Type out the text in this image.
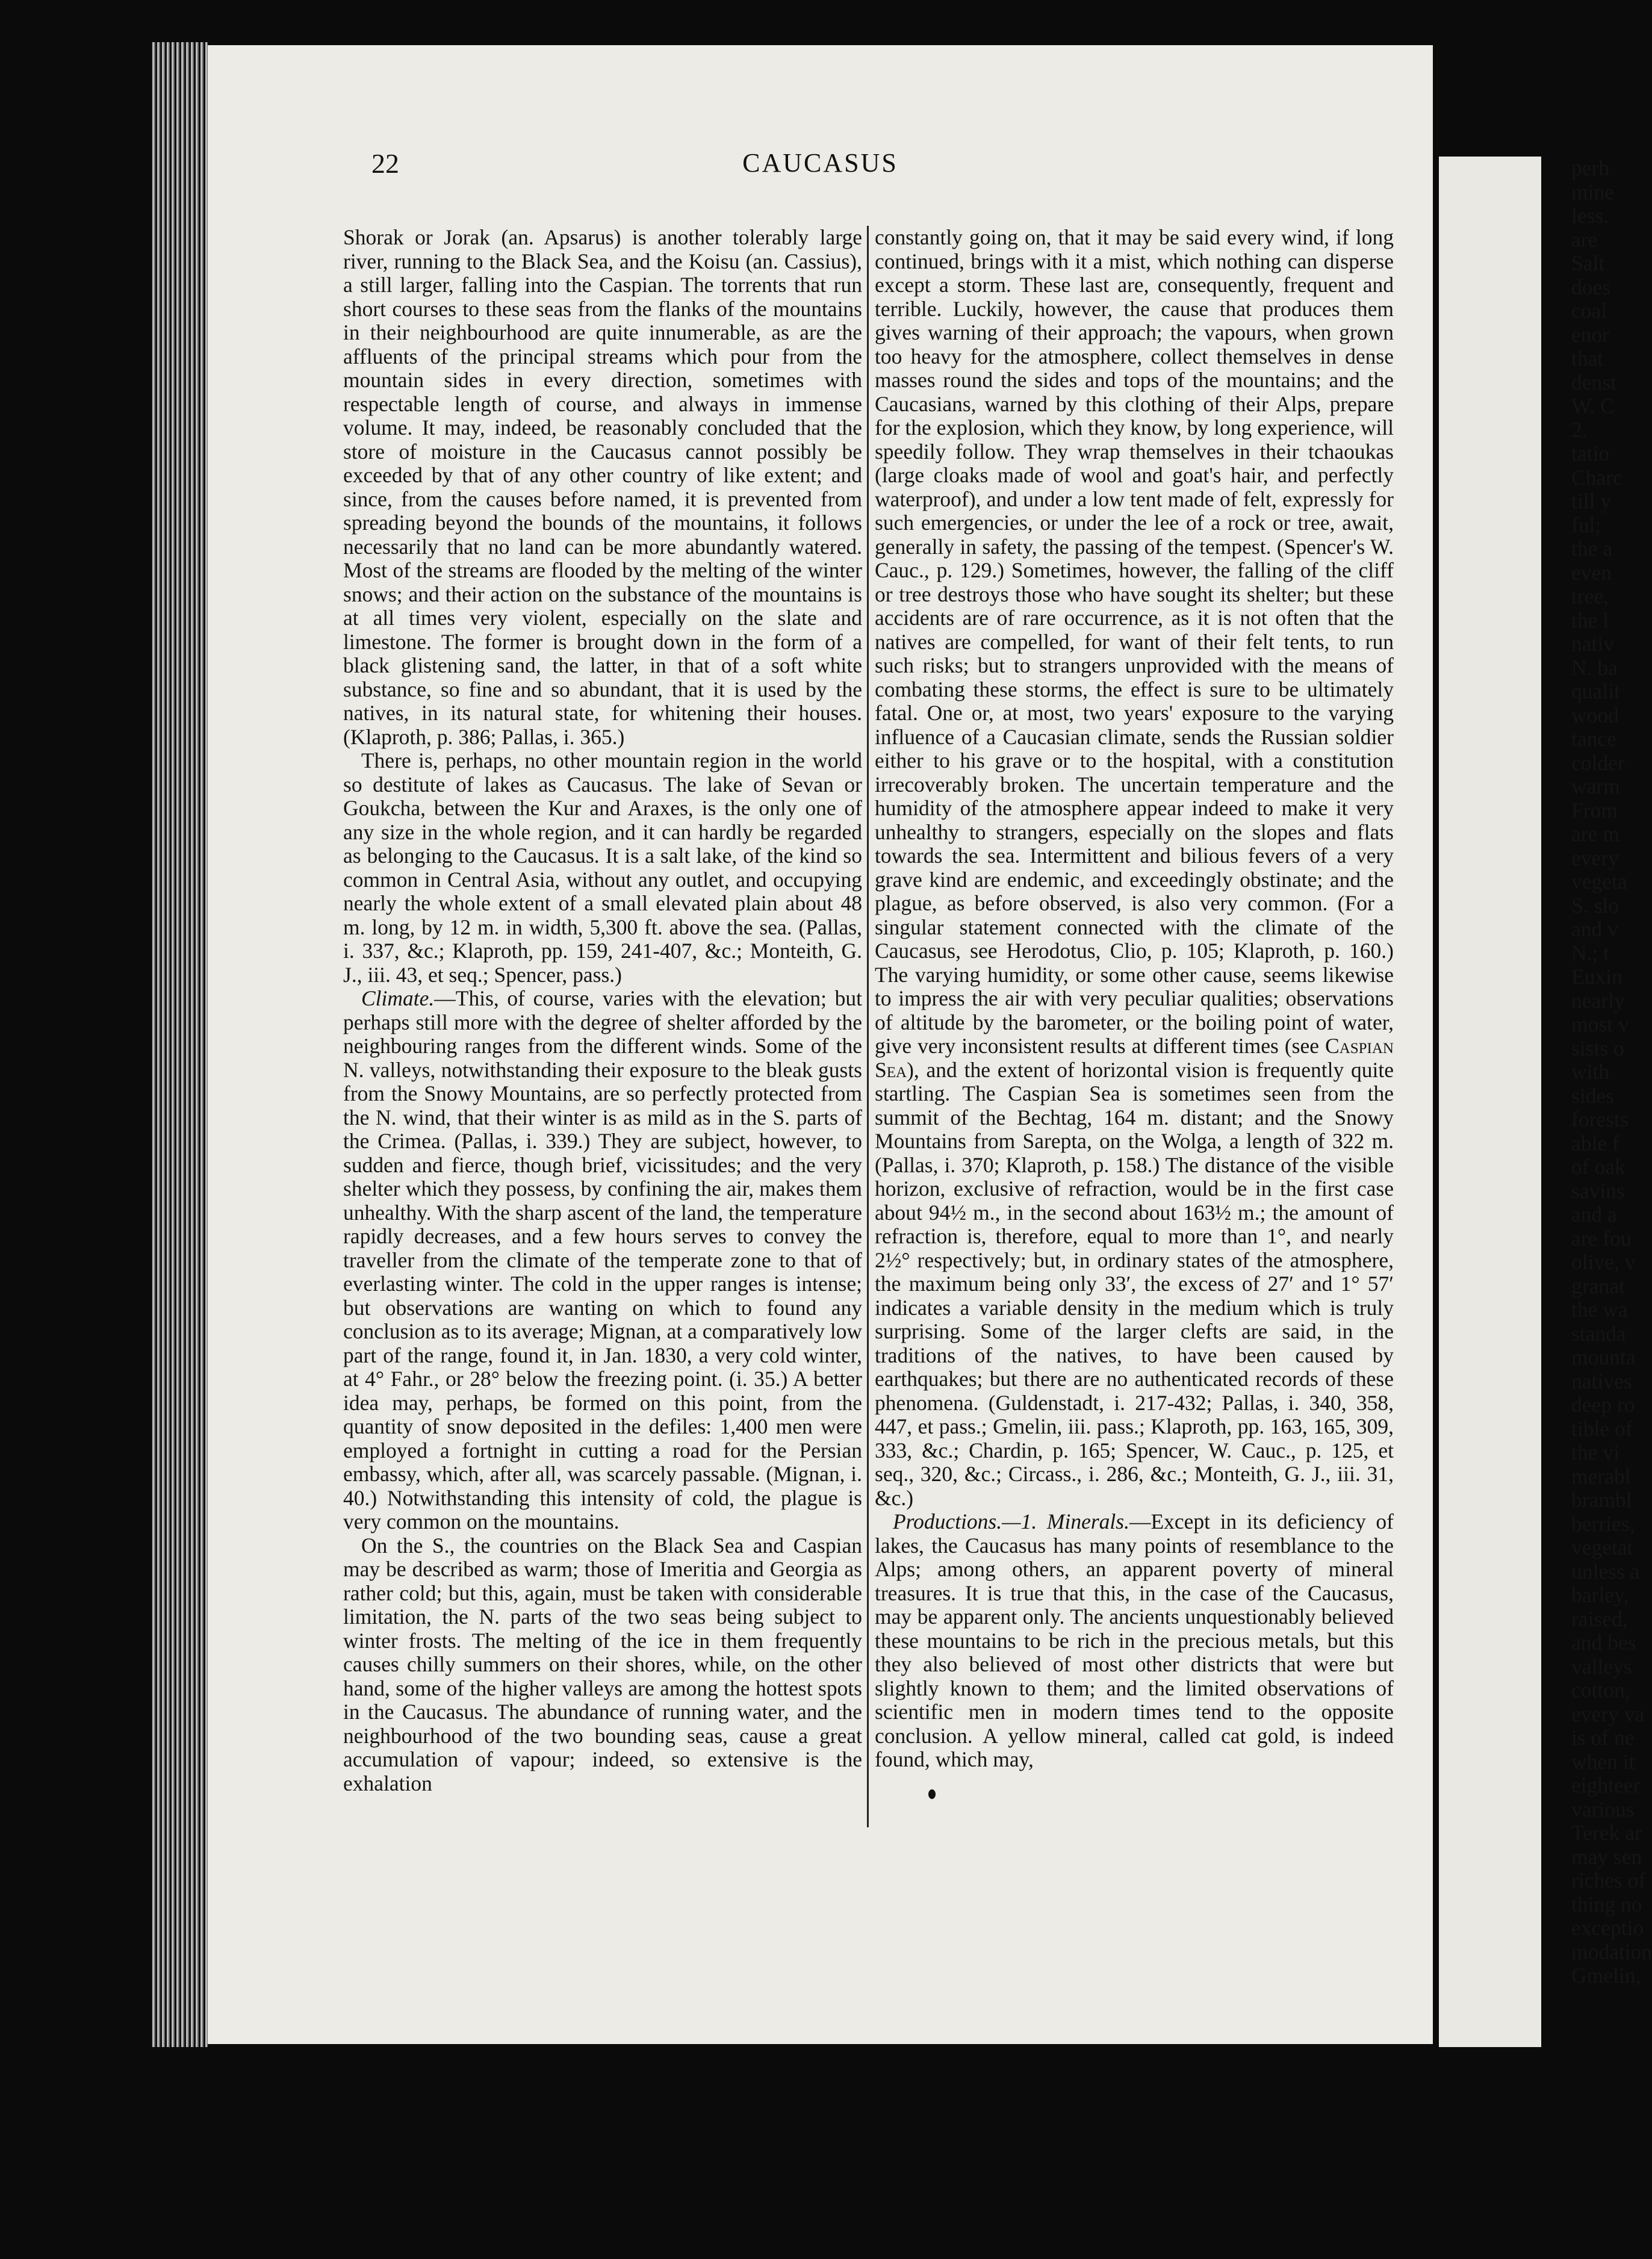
22	CAUCASUS

Shorak or Jorak (an. Apsarus) is another tolerably large river, running to the Black Sea, and the Koisu (an. Cassius), a still larger, falling into the Caspian. The torrents that run short courses to these seas from the flanks of the mountains in their neighbourhood are quite innumerable, as are the affluents of the principal streams which pour from the mountain sides in every direction, sometimes with respectable length of course, and always in immense volume. It may, indeed, be reasonably concluded that the store of moisture in the Caucasus cannot possibly be exceeded by that of any other country of like extent; and since, from the causes before named, it is prevented from spreading beyond the bounds of the mountains, it follows necessarily that no land can be more abundantly watered. Most of the streams are flooded by the melting of the winter snows; and their action on the substance of the mountains is at all times very violent, especially on the slate and limestone. The former is brought down in the form of a black glistening sand, the latter, in that of a soft white substance, so fine and so abundant, that it is used by the natives, in its natural state, for whitening their houses. (Klaproth, p. 386; Pallas, i. 365.)

There is, perhaps, no other mountain region in the world so destitute of lakes as Caucasus. The lake of Sevan or Goukcha, between the Kur and Araxes, is the only one of any size in the whole region, and it can hardly be regarded as belonging to the Caucasus. It is a salt lake, of the kind so common in Central Asia, without any outlet, and occupying nearly the whole extent of a small elevated plain about 48 m. long, by 12 m. in width, 5,300 ft. above the sea. (Pallas, i. 337, &c.; Klaproth, pp. 159, 241-407, &c.; Monteith, G. J., iii. 43, et seq.; Spencer, pass.)

Climate.—This, of course, varies with the elevation; but perhaps still more with the degree of shelter afforded by the neighbouring ranges from the different winds. Some of the N. valleys, notwithstanding their exposure to the bleak gusts from the Snowy Mountains, are so perfectly protected from the N. wind, that their winter is as mild as in the S. parts of the Crimea. (Pallas, i. 339.) They are subject, however, to sudden and fierce, though brief, vicissitudes; and the very shelter which they possess, by confining the air, makes them unhealthy. With the sharp ascent of the land, the temperature rapidly decreases, and a few hours serves to convey the traveller from the climate of the temperate zone to that of everlasting winter. The cold in the upper ranges is intense; but observations are wanting on which to found any conclusion as to its average; Mignan, at a comparatively low part of the range, found it, in Jan. 1830, a very cold winter, at 4° Fahr., or 28° below the freezing point. (i. 35.) A better idea may, perhaps, be formed on this point, from the quantity of snow deposited in the defiles: 1,400 men were employed a fortnight in cutting a road for the Persian embassy, which, after all, was scarcely passable. (Mignan, i. 40.) Notwithstanding this intensity of cold, the plague is very common on the mountains.

On the S., the countries on the Black Sea and Caspian may be described as warm; those of Imeritia and Georgia as rather cold; but this, again, must be taken with considerable limitation, the N. parts of the two seas being subject to winter frosts. The melting of the ice in them frequently causes chilly summers on their shores, while, on the other hand, some of the higher valleys are among the hottest spots in the Caucasus. The abundance of running water, and the neighbourhood of the two bounding seas, cause a great accumulation of vapour; indeed, so extensive is the exhalation

constantly going on, that it may be said every wind, if long continued, brings with it a mist, which nothing can disperse except a storm. These last are, consequently, frequent and terrible. Luckily, however, the cause that produces them gives warning of their approach; the vapours, when grown too heavy for the atmosphere, collect themselves in dense masses round the sides and tops of the mountains; and the Caucasians, warned by this clothing of their Alps, prepare for the explosion, which they know, by long experience, will speedily follow. They wrap themselves in their tchaoukas (large cloaks made of wool and goat's hair, and perfectly waterproof), and under a low tent made of felt, expressly for such emergencies, or under the lee of a rock or tree, await, generally in safety, the passing of the tempest. (Spencer's W. Cauc., p. 129.) Sometimes, however, the falling of the cliff or tree destroys those who have sought its shelter; but these accidents are of rare occurrence, as it is not often that the natives are compelled, for want of their felt tents, to run such risks; but to strangers unprovided with the means of combating these storms, the effect is sure to be ultimately fatal. One or, at most, two years' exposure to the varying influence of a Caucasian climate, sends the Russian soldier either to his grave or to the hospital, with a constitution irrecoverably broken. The uncertain temperature and the humidity of the atmosphere appear indeed to make it very unhealthy to strangers, especially on the slopes and flats towards the sea. Intermittent and bilious fevers of a very grave kind are endemic, and exceedingly obstinate; and the plague, as before observed, is also very common. (For a singular statement connected with the climate of the Caucasus, see Herodotus, Clio, p. 105; Klaproth, p. 160.) The varying humidity, or some other cause, seems likewise to impress the air with very peculiar qualities; observations of altitude by the barometer, or the boiling point of water, give very inconsistent results at different times (see Caspian Sea), and the extent of horizontal vision is frequently quite startling. The Caspian Sea is sometimes seen from the summit of the Bechtag, 164 m. distant; and the Snowy Mountains from Sarepta, on the Wolga, a length of 322 m. (Pallas, i. 370; Klaproth, p. 158.) The distance of the visible horizon, exclusive of refraction, would be in the first case about 94½ m., in the second about 163½ m.; the amount of refraction is, therefore, equal to more than 1°, and nearly 2½° respectively; but, in ordinary states of the atmosphere, the maximum being only 33′, the excess of 27′ and 1° 57′ indicates a variable density in the medium which is truly surprising. Some of the larger clefts are said, in the traditions of the natives, to have been caused by earthquakes; but there are no authenticated records of these phenomena. (Guldenstadt, i. 217-432; Pallas, i. 340, 358, 447, et pass.; Gmelin, iii. pass.; Klaproth, pp. 163, 165, 309, 333, &c.; Chardin, p. 165; Spencer, W. Cauc., p. 125, et seq., 320, &c.; Circass., i. 286, &c.; Monteith, G. J., iii. 31, &c.)

Productions.—1. Minerals.—Except in its deficiency of lakes, the Caucasus has many points of resemblance to the Alps; among others, an apparent poverty of mineral treasures. It is true that this, in the case of the Caucasus, may be apparent only. The ancients unquestionably believed these mountains to be rich in the precious metals, but this they also believed of most other districts that were but slightly known to them; and the limited observations of scientific men in modern times tend to the opposite conclusion. A yellow mineral, called cat gold, is indeed found, which may,

perh
mine
less.
are
Salt
does
coal
enor
that
denst
W. C
2.
tatio
Charc
till y
ful;
the a
even
tree,
the l
nativ
N. ba
qualit
wood
tance
colder
warm
From
are m
every
vegeta
S. slo
and v
N.; t
Euxin
nearly
most v
sists o
with
sides
forests
able f
of oak
savins
and a
are fou
olive, v
granat
the wa
standa
mounta
natives
deep ro
tible of
the vi
merabl
brambl
berries,
vegetat
unless a
barley,
raised,
and bes
valleys
cotton,
every va
is of ne
when it
eighteer
various
Terek ar
may sen
riches of
thing no
exceptio
modation
Gmelin,
